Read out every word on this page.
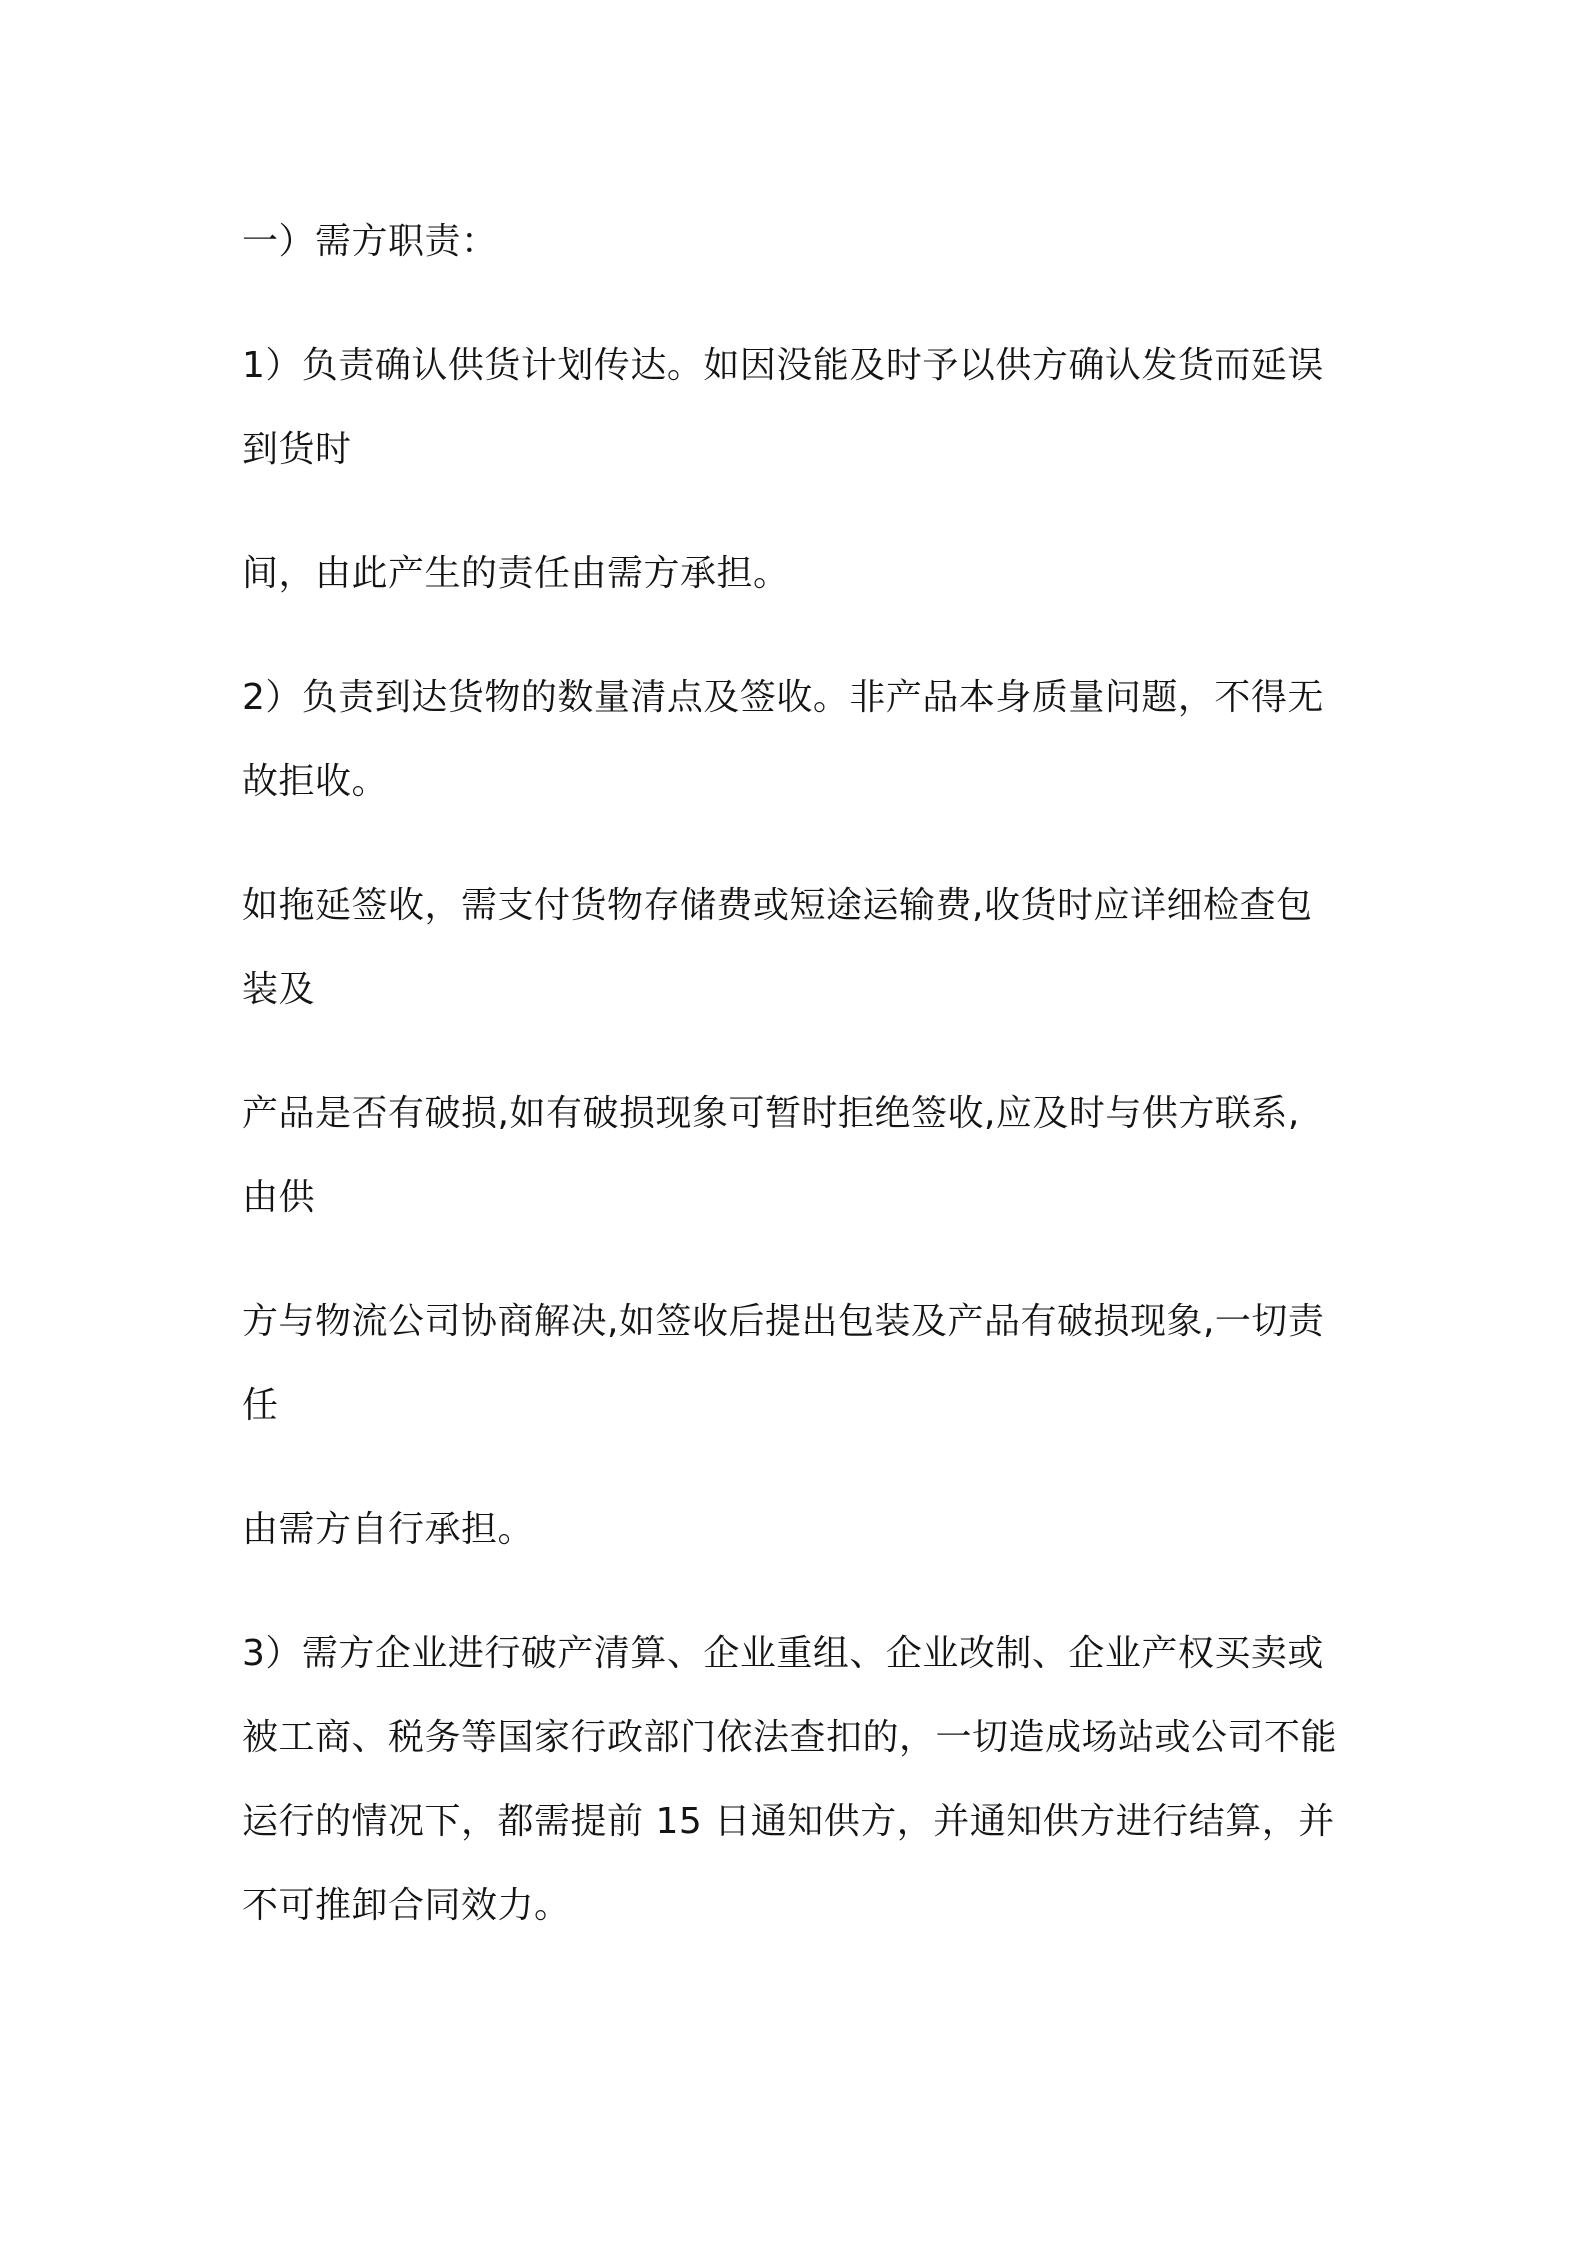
一）需方职责：

1）负责确认供货计划传达。如因没能及时予以供方确认发货而延误
到货时

间，由此产生的责任由需方承担。

2）负责到达货物的数量清点及签收。非产品本身质量问题，不得无
故拒收。

如拖延签收，需支付货物存储费或短途运输费,收货时应详细检查包
装及

产品是否有破损,如有破损现象可暂时拒绝签收,应及时与供方联系,
由供

方与物流公司协商解决,如签收后提出包装及产品有破损现象,一切责
任

由需方自行承担。

3）需方企业进行破产清算、企业重组、企业改制、企业产权买卖或
被工商、税务等国家行政部门依法查扣的，一切造成场站或公司不能
运行的情况下，都需提前 15 日通知供方，并通知供方进行结算，并
不可推卸合同效力。
